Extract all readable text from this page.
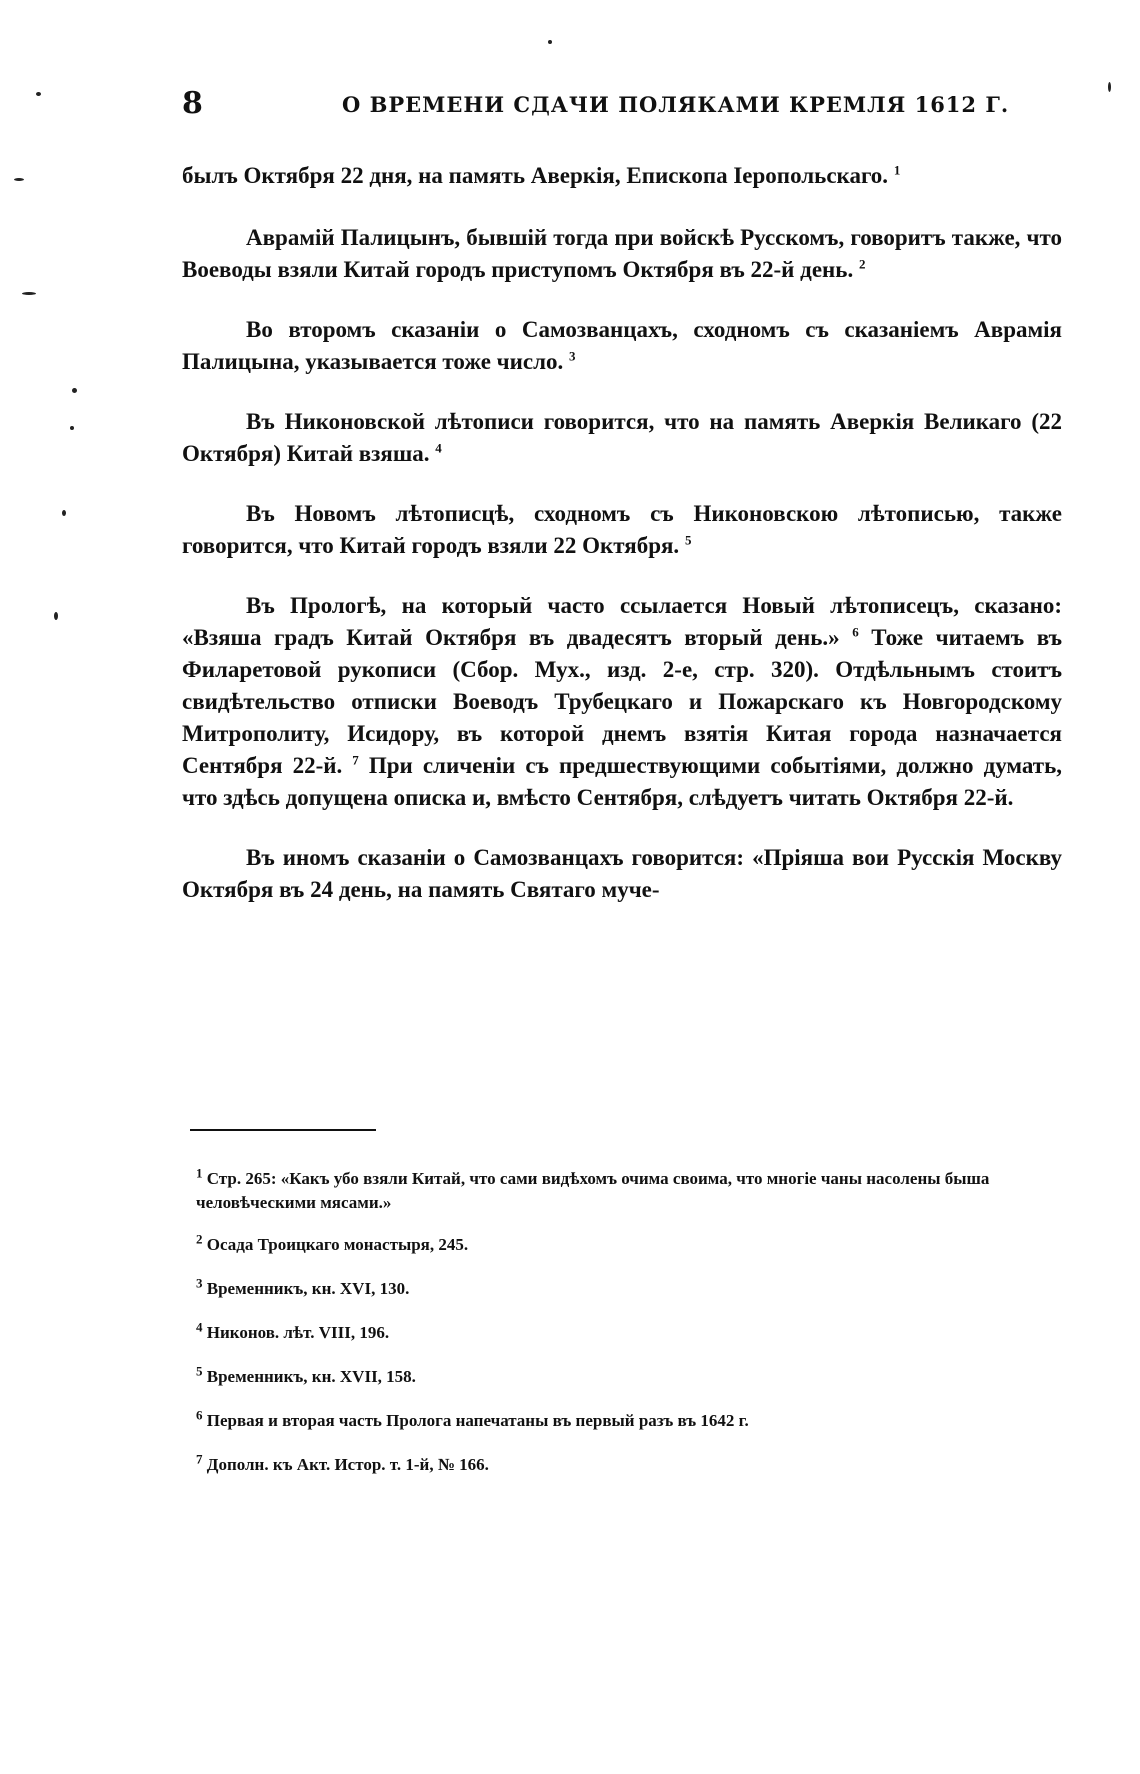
8	О ВРЕМЕНИ СДАЧИ ПОЛЯКАМИ КРЕМЛЯ 1612 Г.

былъ Октября 22 дня, на память Аверкія, Епископа Іеропольскаго. $^1$

Аврамій Палицынъ, бывшій тогда при войскѣ Русскомъ, говоритъ также, что Воеводы взяли Китай городъ приступомъ Октября въ 22-й день. $^2$

Во второмъ сказаніи о Самозванцахъ, сходномъ съ сказаніемъ Аврамія Палицына, указывается тоже число. $^3$

Въ Никоновской лѣтописи говорится, что на память Аверкія Великаго (22 Октября) Китай взяша. $^4$

Въ Новомъ лѣтописцѣ, сходномъ съ Никоновскою лѣтописью, также говорится, что Китай городъ взяли 22 Октября. $^5$

Въ Прологѣ, на который часто ссылается Новый лѣтописецъ, сказано: «Взяша градъ Китай Октября въ двадесятъ вторый день.» $^6$ Тоже читаемъ въ Филаретовой рукописи (Сбор. Мух., изд. 2-е, стр. 320). Отдѣльнымъ стоитъ свидѣтельство отписки Воеводъ Трубецкаго и Пожарскаго къ Новгородскому Митрополиту, Исидору, въ которой днемъ взятія Китая города назначается Сентября 22-й. $^7$ При сличеніи съ предшествующими событіями, должно думать, что здѣсь допущена описка и, вмѣсто Сентября, слѣдуетъ читать Октября 22-й.

Въ иномъ сказаніи о Самозванцахъ говорится: «Пріяша вои Русскія Москву Октября въ 24 день, на память Святаго муче-

$^1$ Стр. 265: «Какъ убо взяли Китай, что сами видѣхомъ очима своима, что многіе чаны насолены быша человѣческими мясами.»
$^2$ Осада Троицкаго монастыря, 245.
$^3$ Временникъ, кн. XVI, 130.
$^4$ Никонов. лѣт. VIII, 196.
$^5$ Временникъ, кн. XVII, 158.
$^6$ Первая и вторая часть Пролога напечатаны въ первый разъ въ 1642 г.
$^7$ Дополн. къ Акт. Истор. т. 1-й, № 166.
